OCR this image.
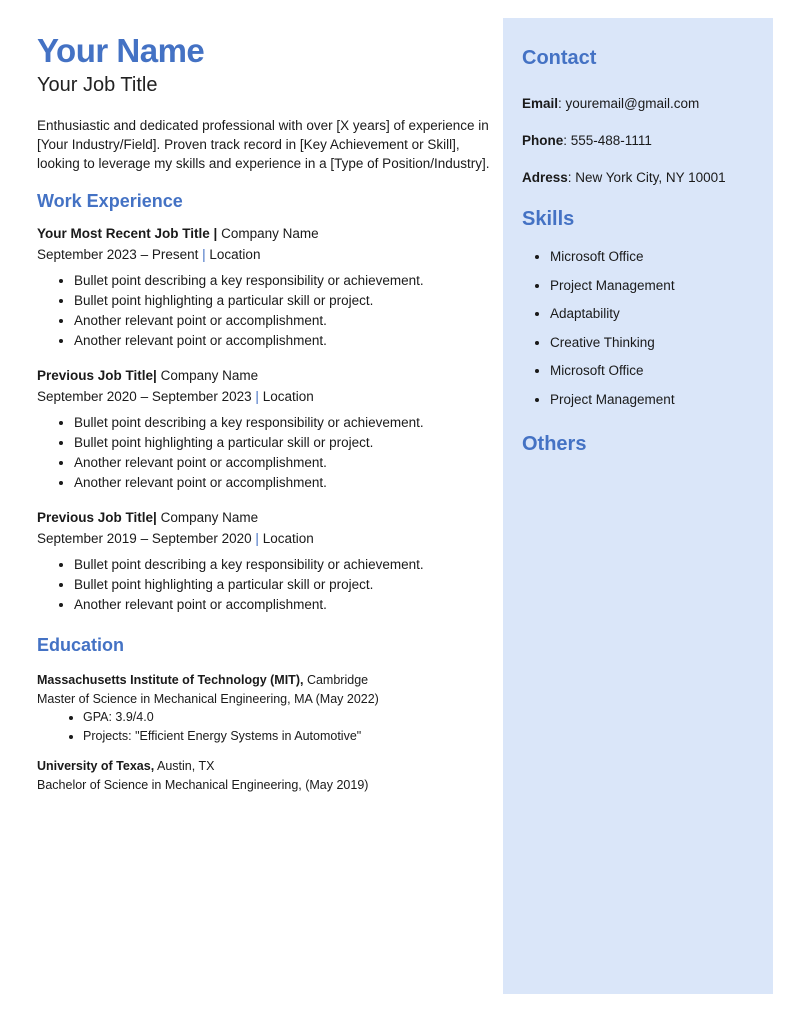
Your Name
Your Job Title

Enthusiastic and dedicated professional with over [X years] of experience in [Your Industry/Field]. Proven track record in [Key Achievement or Skill], looking to leverage my skills and experience in a [Type of Position/Industry].

Work Experience
Your Most Recent Job Title | Company Name
September 2023 – Present | Location
• Bullet point describing a key responsibility or achievement.
• Bullet point highlighting a particular skill or project.
• Another relevant point or accomplishment.
• Another relevant point or accomplishment.
Previous Job Title| Company Name
September 2020 – September 2023 | Location
• Bullet point describing a key responsibility or achievement.
• Bullet point highlighting a particular skill or project.
• Another relevant point or accomplishment.
• Another relevant point or accomplishment.
Previous Job Title| Company Name
September 2019 – September 2020 | Location
• Bullet point describing a key responsibility or achievement.
• Bullet point highlighting a particular skill or project.
• Another relevant point or accomplishment.
Education
Massachusetts Institute of Technology (MIT), Cambridge
Master of Science in Mechanical Engineering, MA (May 2022)
• GPA: 3.9/4.0
• Projects: "Efficient Energy Systems in Automotive"
University of Texas, Austin, TX
Bachelor of Science in Mechanical Engineering, (May 2019)
Contact
Email: youremail@gmail.com
Phone: 555-488-1111
Adress: New York City, NY 10001
Skills
• Microsoft Office
• Project Management
• Adaptability
• Creative Thinking
• Microsoft Office
• Project Management
Others
